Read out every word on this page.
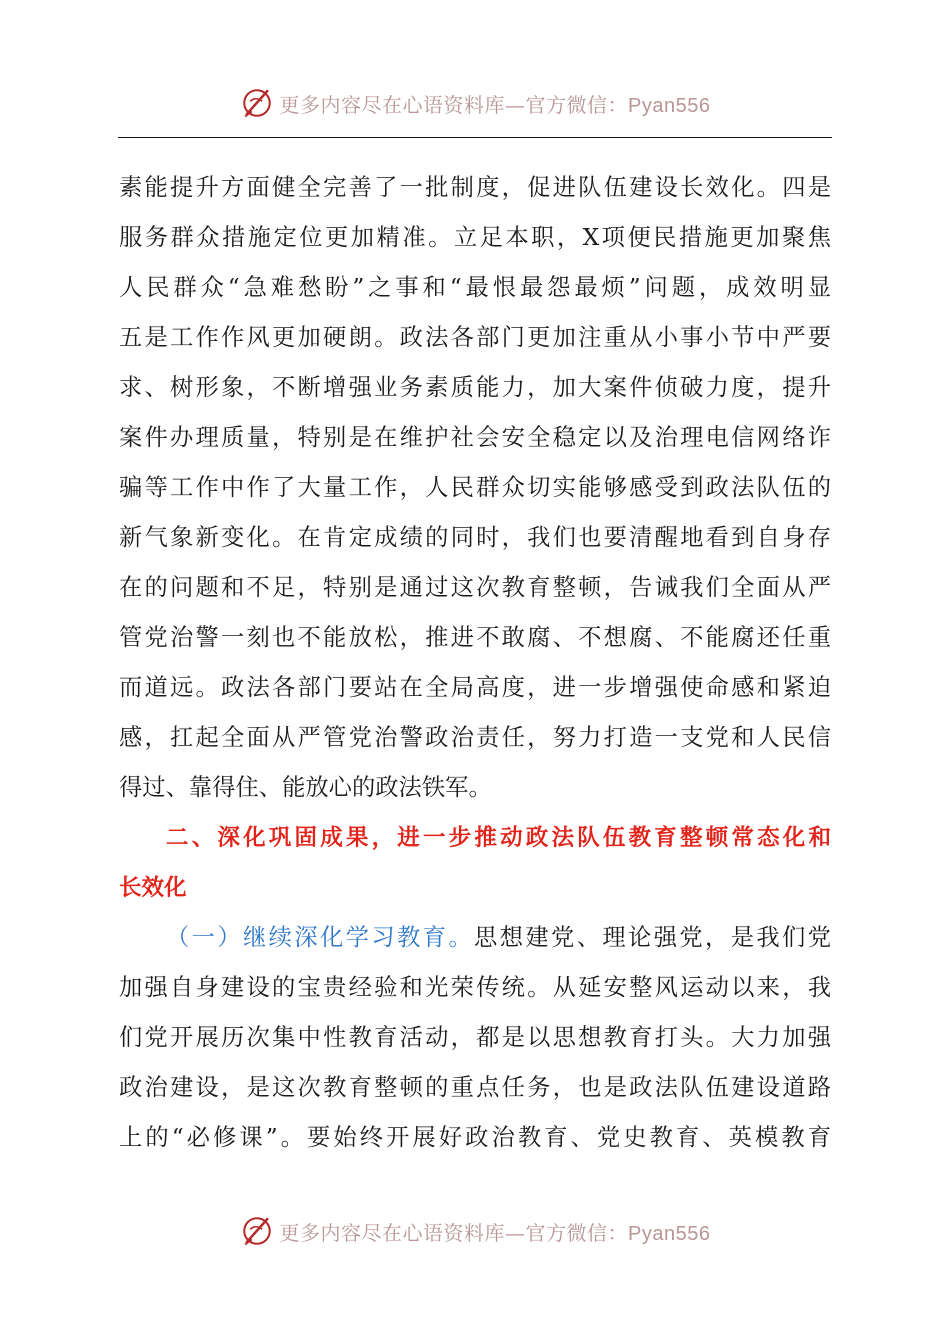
更多内容尽在心语资料库—官方微信：Pyan556
素能提升方面健全完善了一批制度，促进队伍建设长效化。四是
服务群众措施定位更加精准。立足本职，X项便民措施更加聚焦
人民群众“急难愁盼”之事和“最恨最怨最烦”问题，成效明显
五是工作作风更加硬朗。政法各部门更加注重从小事小节中严要
求、树形象，不断增强业务素质能力，加大案件侦破力度，提升
案件办理质量，特别是在维护社会安全稳定以及治理电信网络诈
骗等工作中作了大量工作，人民群众切实能够感受到政法队伍的
新气象新变化。在肯定成绩的同时，我们也要清醒地看到自身存
在的问题和不足，特别是通过这次教育整顿，告诫我们全面从严
管党治警一刻也不能放松，推进不敢腐、不想腐、不能腐还任重
而道远。政法各部门要站在全局高度，进一步增强使命感和紧迫
感，扛起全面从严管党治警政治责任，努力打造一支党和人民信
得过、靠得住、能放心的政法铁军。
二、深化巩固成果，进一步推动政法队伍教育整顿常态化和
长效化
（一）继续深化学习教育。思想建党、理论强党，是我们党
加强自身建设的宝贵经验和光荣传统。从延安整风运动以来，我
们党开展历次集中性教育活动，都是以思想教育打头。大力加强
政治建设，是这次教育整顿的重点任务，也是政法队伍建设道路
上的“必修课”。要始终开展好政治教育、党史教育、英模教育
更多内容尽在心语资料库—官方微信：Pyan556
